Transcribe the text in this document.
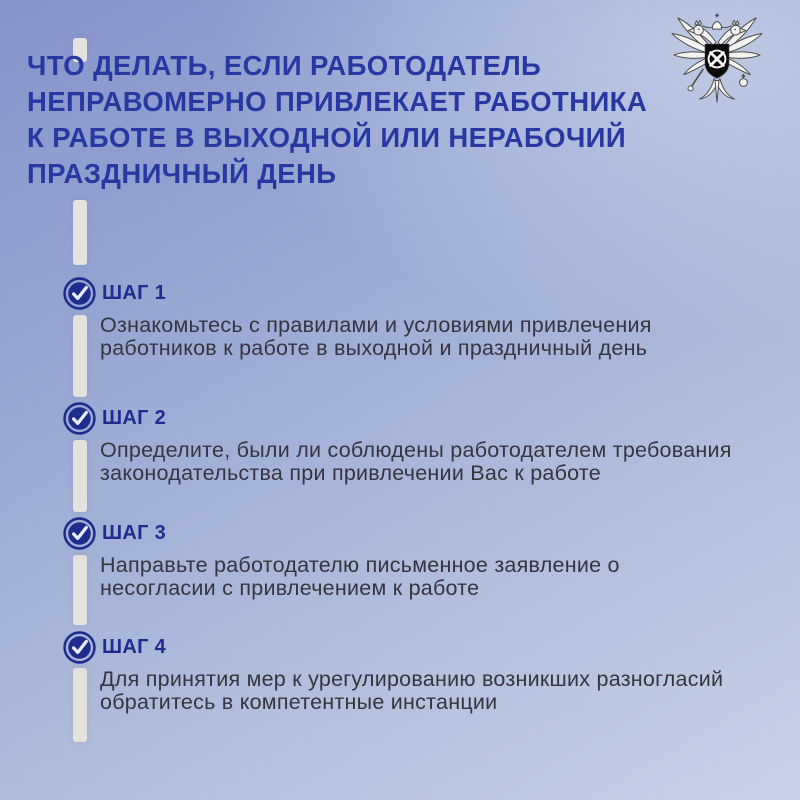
ЧТО ДЕЛАТЬ, ЕСЛИ РАБОТОДАТЕЛЬ
НЕПРАВОМЕРНО ПРИВЛЕКАЕТ РАБОТНИКА
К РАБОТЕ В ВЫХОДНОЙ ИЛИ НЕРАБОЧИЙ
ПРАЗДНИЧНЫЙ ДЕНЬ
ШАГ 1

Ознакомьтесь с правилами и условиями привлечения
работников к работе в выходной и праздничный день

ШАГ 2

Определите, были ли соблюдены работодателем требования
законодательства при привлечении Вас к работе

ШАГ 3

Направьте работодателю письменное заявление о
несогласии с привлечением к работе

ШАГ 4

Для принятия мер к урегулированию возникших разногласий
обратитесь в компетентные инстанции
